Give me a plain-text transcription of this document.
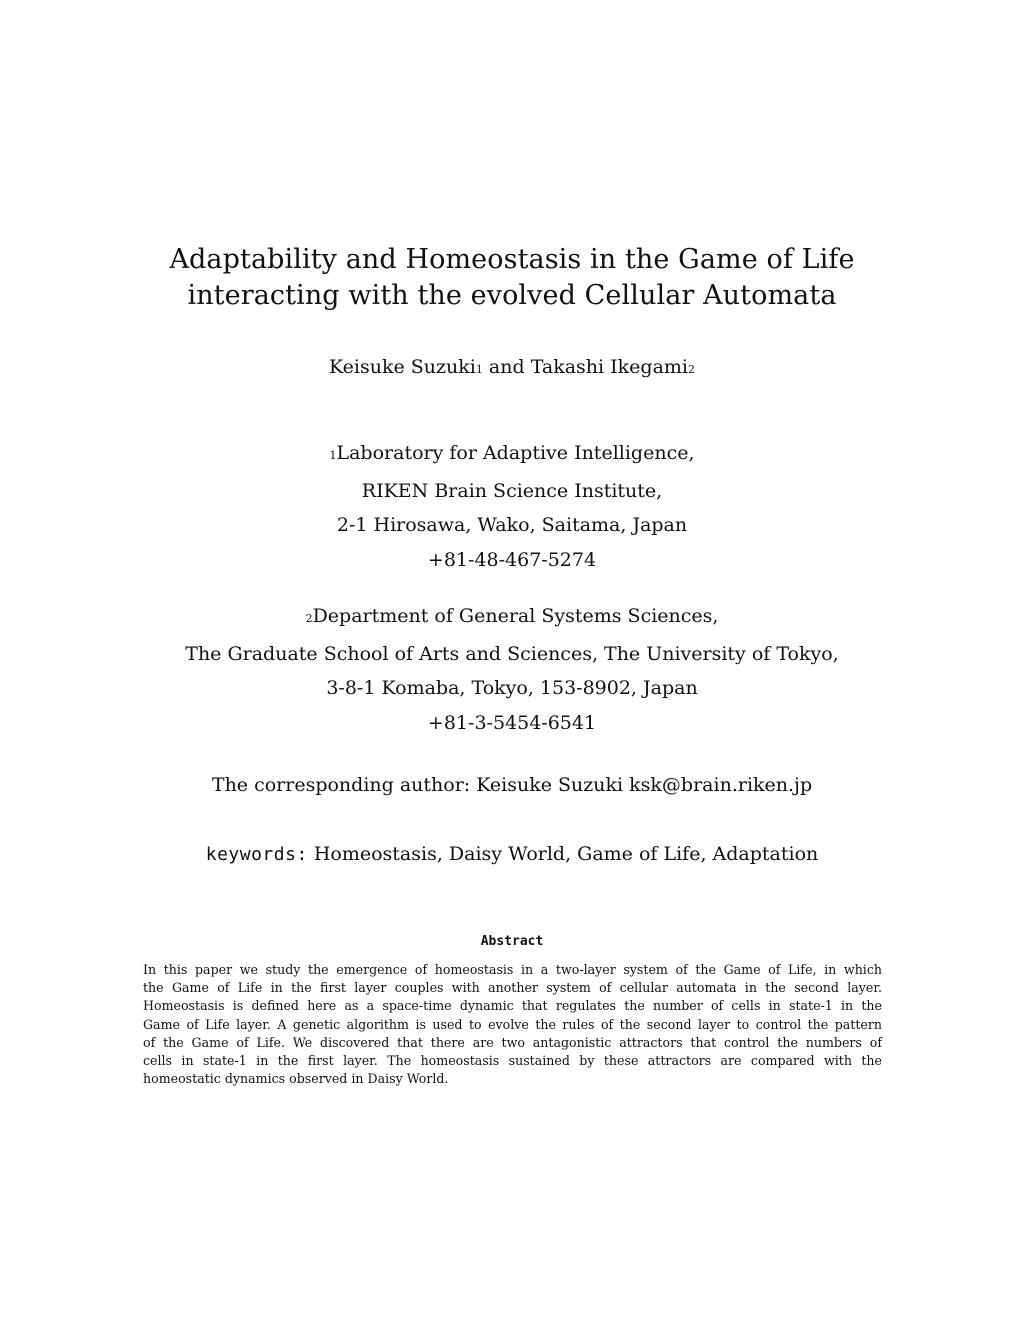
Adaptability and Homeostasis in the Game of Life
interacting with the evolved Cellular Automata
Keisuke Suzuki1 and Takashi Ikegami2
1Laboratory for Adaptive Intelligence,
RIKEN Brain Science Institute,
2-1 Hirosawa, Wako, Saitama, Japan
+81-48-467-5274
2Department of General Systems Sciences,
The Graduate School of Arts and Sciences, The University of Tokyo,
3-8-1 Komaba, Tokyo, 153-8902, Japan
+81-3-5454-6541
The corresponding author: Keisuke Suzuki ksk@brain.riken.jp
keywords: Homeostasis, Daisy World, Game of Life, Adaptation
Abstract
In this paper we study the emergence of homeostasis in a two-layer system of the Game of Life, in which
the Game of Life in the first layer couples with another system of cellular automata in the second layer.
Homeostasis is defined here as a space-time dynamic that regulates the number of cells in state-1 in the
Game of Life layer. A genetic algorithm is used to evolve the rules of the second layer to control the pattern
of the Game of Life. We discovered that there are two antagonistic attractors that control the numbers of
cells in state-1 in the first layer. The homeostasis sustained by these attractors are compared with the
homeostatic dynamics observed in Daisy World.
